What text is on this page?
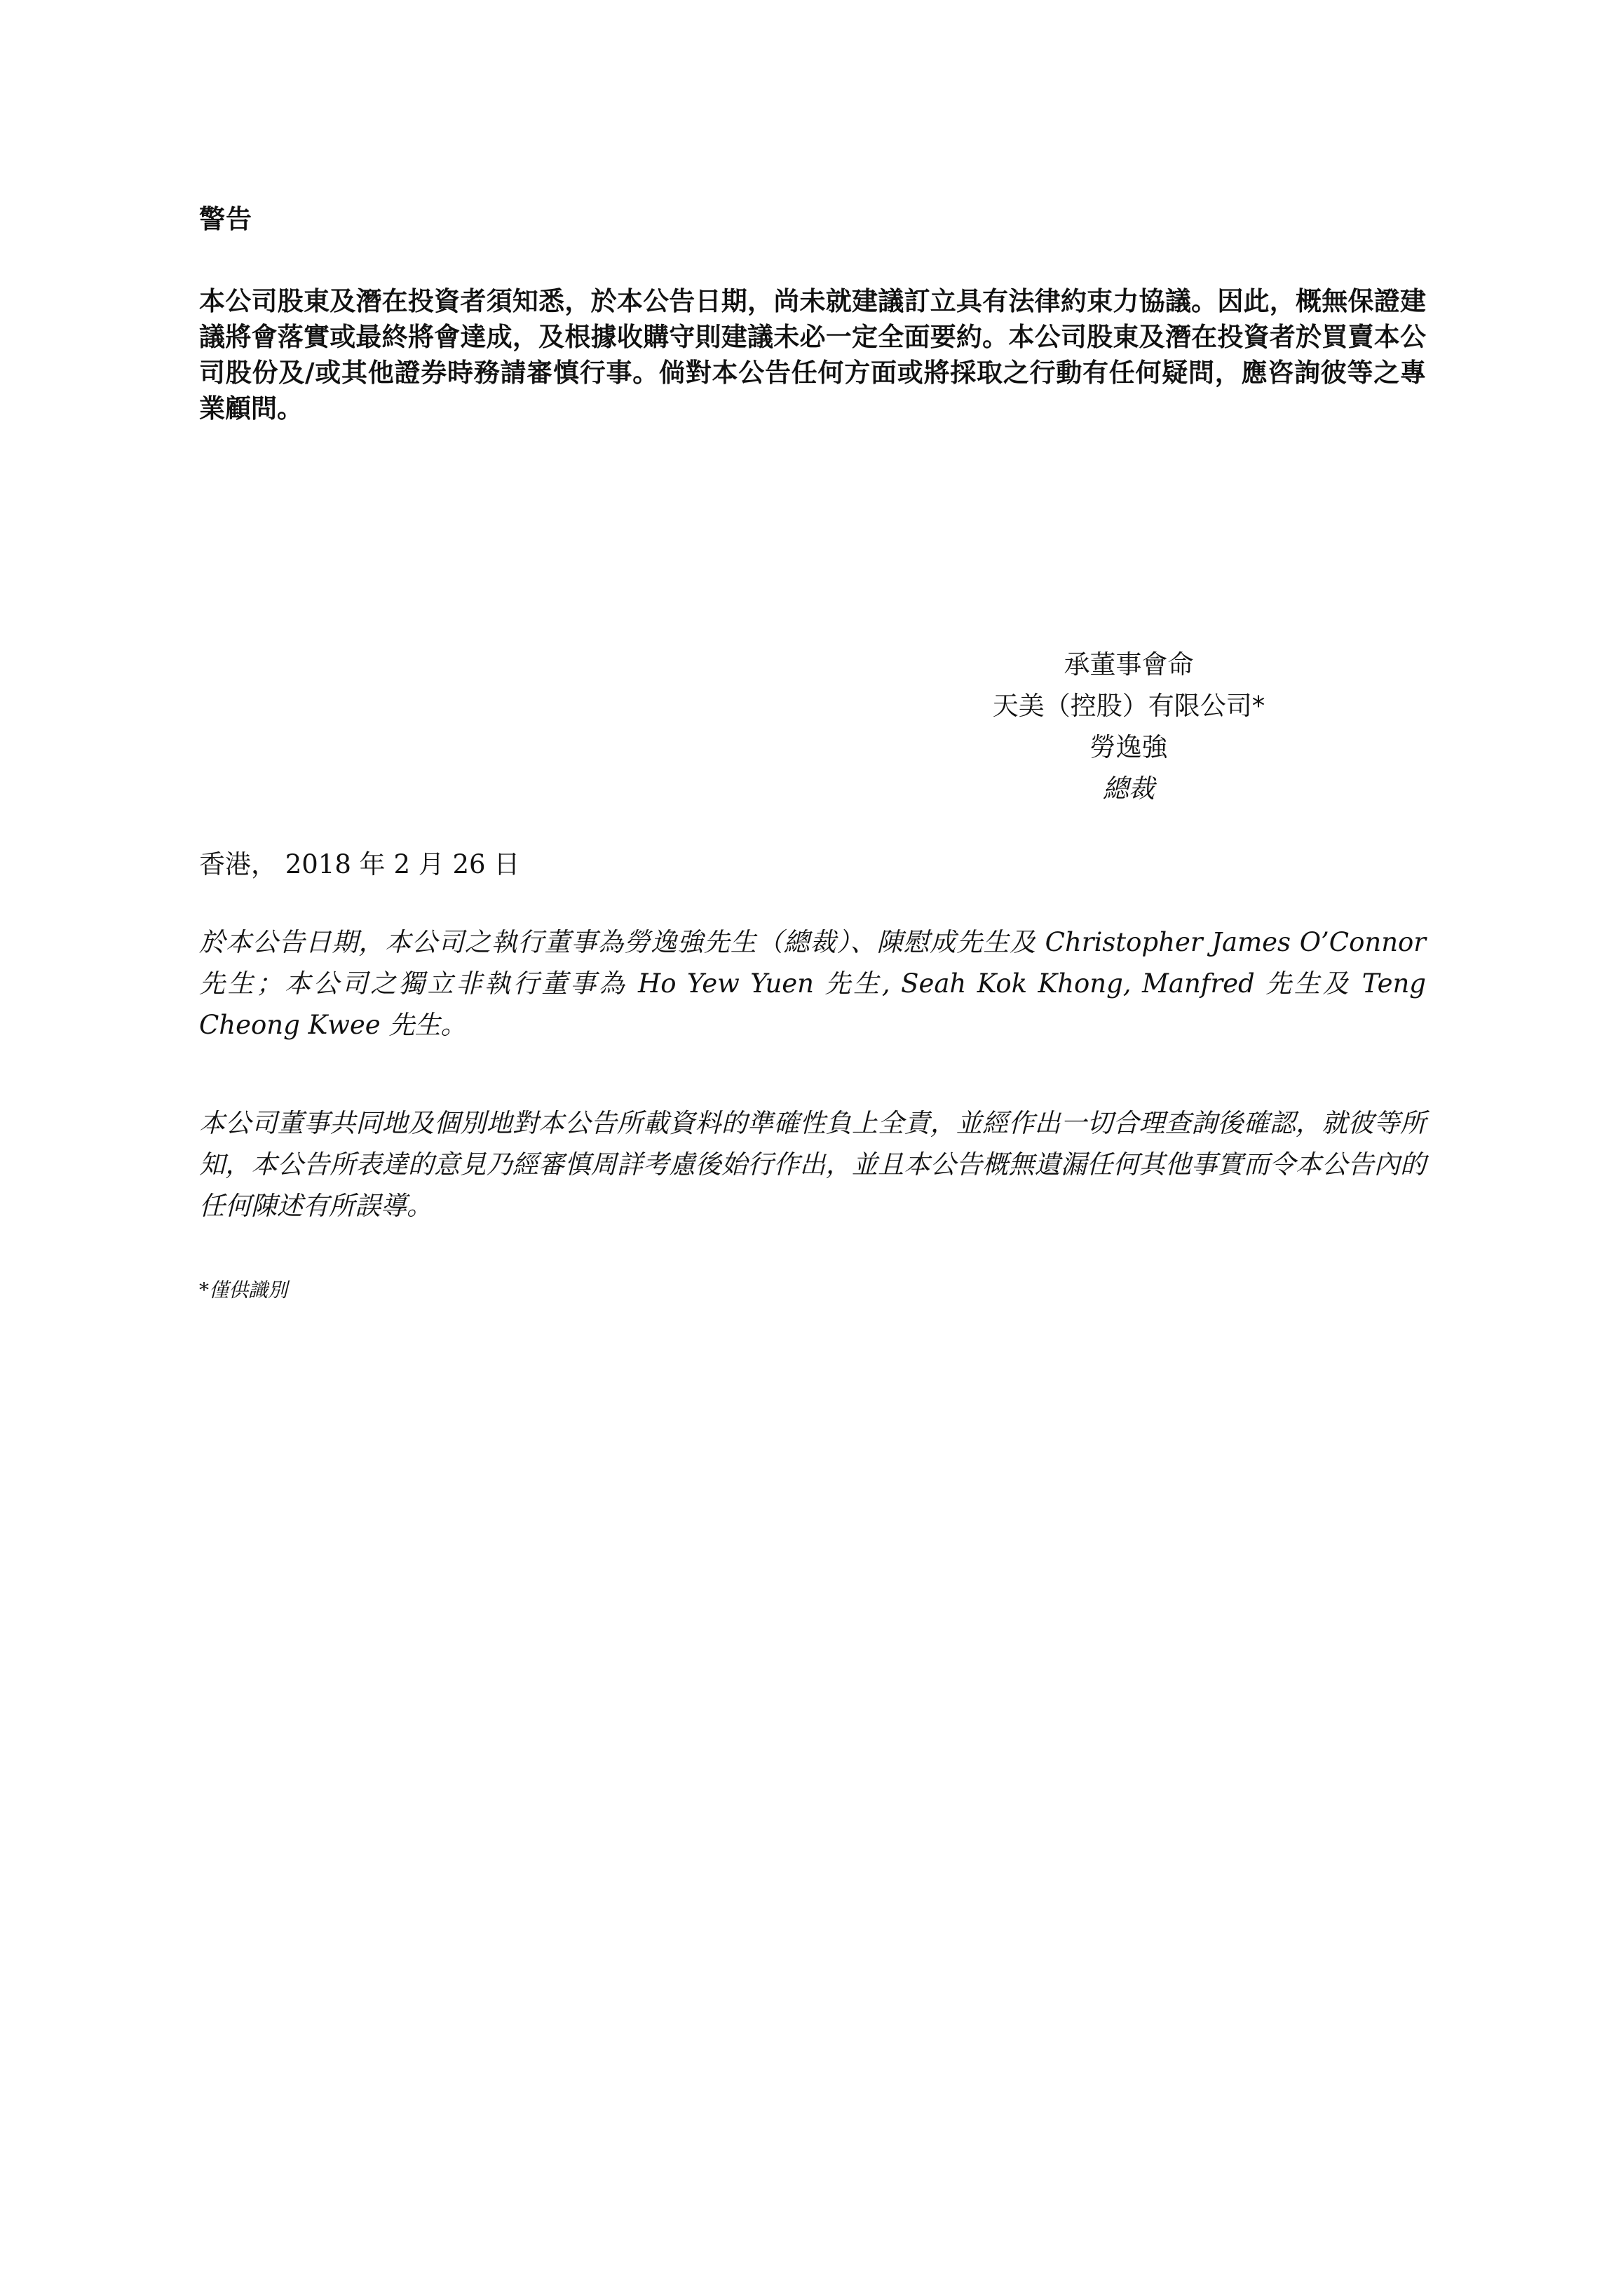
警告

本公司股東及潛在投資者須知悉，於本公告日期，尚未就建議訂立具有法律約束力協議。因此，概無保證建議將會落實或最終將會達成，及根據收購守則建議未必一定全面要約。本公司股東及潛在投資者於買賣本公司股份及/或其他證券時務請審慎行事。倘對本公告任何方面或將採取之行動有任何疑問，應咨詢彼等之專業顧問。

承董事會命
天美（控股）有限公司*
勞逸強
總裁

香港， 2018 年 2 月 26 日

於本公告日期，本公司之執行董事為勞逸強先生（總裁）、陳慰成先生及 Christopher James O’Connor 先生；本公司之獨立非執行董事為 Ho Yew Yuen 先生, Seah Kok Khong, Manfred 先生及 Teng Cheong Kwee 先生。

本公司董事共同地及個別地對本公告所載資料的準確性負上全責，並經作出一切合理查詢後確認，就彼等所知，本公告所表達的意見乃經審慎周詳考慮後始行作出，並且本公告概無遺漏任何其他事實而令本公告內的任何陳述有所誤導。

*僅供識別
